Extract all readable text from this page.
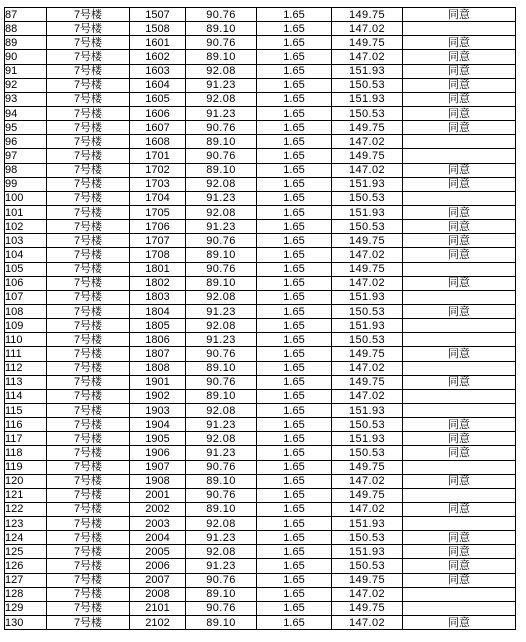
87	7号楼	1507	90.76	1.65	149.75	同意
88	7号楼	1508	89.10	1.65	147.02	
89	7号楼	1601	90.76	1.65	149.75	同意
90	7号楼	1602	89.10	1.65	147.02	同意
91	7号楼	1603	92.08	1.65	151.93	同意
92	7号楼	1604	91.23	1.65	150.53	同意
93	7号楼	1605	92.08	1.65	151.93	同意
94	7号楼	1606	91.23	1.65	150.53	同意
95	7号楼	1607	90.76	1.65	149.75	同意
96	7号楼	1608	89.10	1.65	147.02	
97	7号楼	1701	90.76	1.65	149.75	
98	7号楼	1702	89.10	1.65	147.02	同意
99	7号楼	1703	92.08	1.65	151.93	同意
100	7号楼	1704	91.23	1.65	150.53	
101	7号楼	1705	92.08	1.65	151.93	同意
102	7号楼	1706	91.23	1.65	150.53	同意
103	7号楼	1707	90.76	1.65	149.75	同意
104	7号楼	1708	89.10	1.65	147.02	同意
105	7号楼	1801	90.76	1.65	149.75	
106	7号楼	1802	89.10	1.65	147.02	同意
107	7号楼	1803	92.08	1.65	151.93	
108	7号楼	1804	91.23	1.65	150.53	同意
109	7号楼	1805	92.08	1.65	151.93	
110	7号楼	1806	91.23	1.65	150.53	
111	7号楼	1807	90.76	1.65	149.75	同意
112	7号楼	1808	89.10	1.65	147.02	
113	7号楼	1901	90.76	1.65	149.75	同意
114	7号楼	1902	89.10	1.65	147.02	
115	7号楼	1903	92.08	1.65	151.93	
116	7号楼	1904	91.23	1.65	150.53	同意
117	7号楼	1905	92.08	1.65	151.93	同意
118	7号楼	1906	91.23	1.65	150.53	同意
119	7号楼	1907	90.76	1.65	149.75	
120	7号楼	1908	89.10	1.65	147.02	同意
121	7号楼	2001	90.76	1.65	149.75	
122	7号楼	2002	89.10	1.65	147.02	同意
123	7号楼	2003	92.08	1.65	151.93	
124	7号楼	2004	91.23	1.65	150.53	同意
125	7号楼	2005	92.08	1.65	151.93	同意
126	7号楼	2006	91.23	1.65	150.53	同意
127	7号楼	2007	90.76	1.65	149.75	同意
128	7号楼	2008	89.10	1.65	147.02	
129	7号楼	2101	90.76	1.65	149.75	
130	7号楼	2102	89.10	1.65	147.02	同意
